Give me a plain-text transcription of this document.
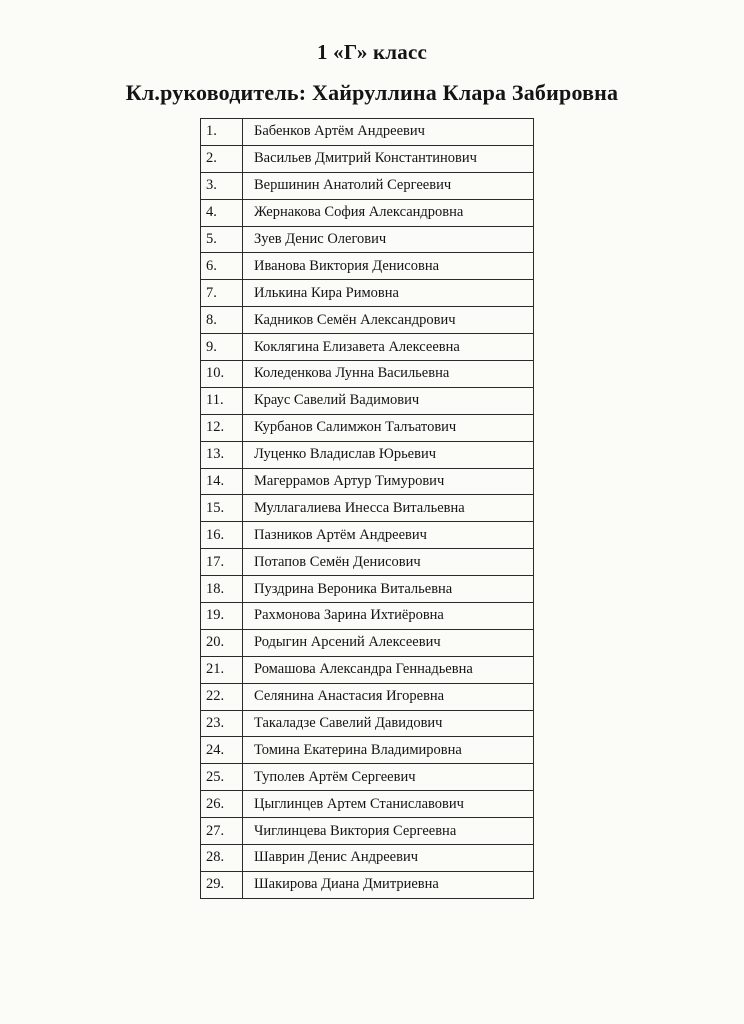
1 «Г» класс
Кл.руководитель: Хайруллина Клара Забировна
1.	Бабенков Артём Андреевич
2.	Васильев Дмитрий Константинович
3.	Вершинин Анатолий Сергеевич
4.	Жернакова София Александровна
5.	Зуев Денис Олегович
6.	Иванова Виктория Денисовна
7.	Илькина Кира Римовна
8.	Кадников Семён Александрович
9.	Коклягина Елизавета Алексеевна
10.	Коледенкова Лунна Васильевна
11.	Краус Савелий Вадимович
12.	Курбанов Салимжон Талъатович
13.	Луценко Владислав Юрьевич
14.	Магеррамов Артур Тимурович
15.	Муллагалиева Инесса Витальевна
16.	Пазников Артём Андреевич
17.	Потапов Семён Денисович
18.	Пуздрина Вероника Витальевна
19.	Рахмонова Зарина Ихтиёровна
20.	Родыгин Арсений Алексеевич
21.	Ромашова Александра Геннадьевна
22.	Селянина Анастасия Игоревна
23.	Такаладзе Савелий Давидович
24.	Томина Екатерина Владимировна
25.	Туполев Артём Сергеевич
26.	Цыглинцев Артем Станиславович
27.	Чиглинцева Виктория Сергеевна
28.	Шаврин Денис Андреевич
29.	Шакирова Диана Дмитриевна
